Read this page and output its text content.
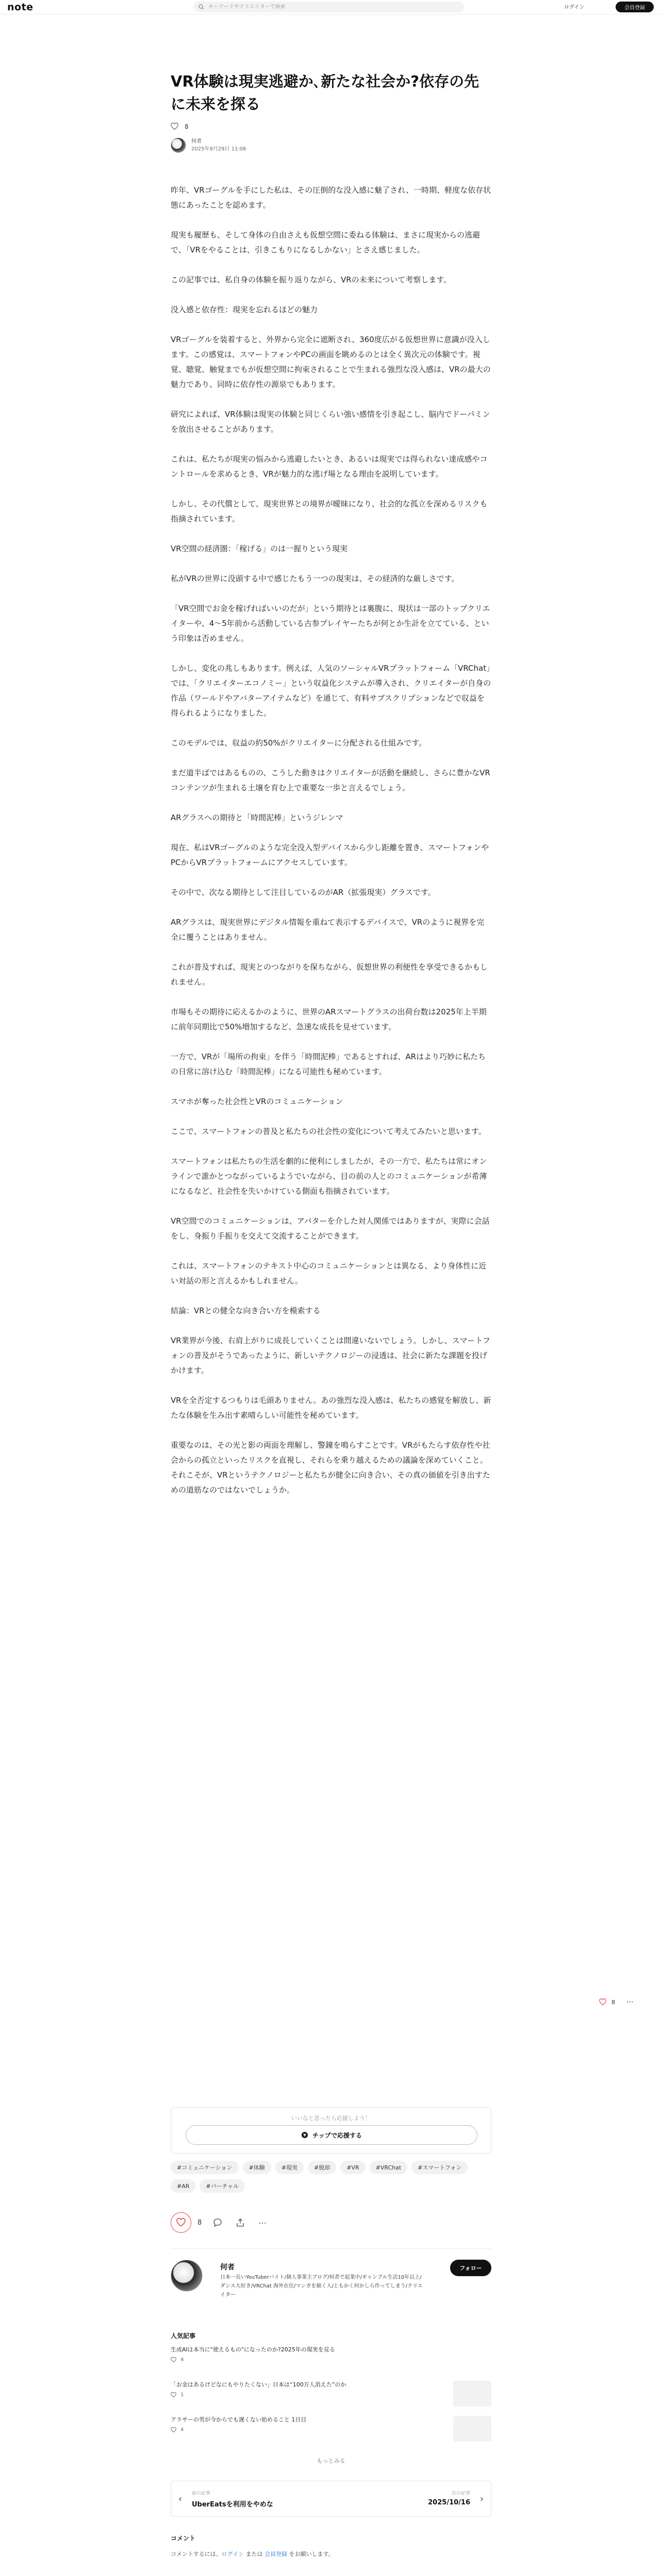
note
キーワードやクリエイターで検索	ログイン	会員登録
VR体験は現実逃避か､新たな社会か?依存の先に未来を探る
8
何者
2025年9月29日 11:06

昨年、VRゴーグルを手にした私は、その圧倒的な没入感に魅了され、一時期、軽度な依存状態にあったことを認めます。

現実も履歴も、そして身体の自由さえも仮想空間に委ねる体験は、まさに現実からの逃避で、「VRをやることは、引きこもりになるしかない」とさえ感じました。

この記事では、私自身の体験を振り返りながら、VRの未来について考察します。

没入感と依存性：現実を忘れるほどの魅力

VRゴーグルを装着すると、外界から完全に遮断され、360度広がる仮想世界に意識が没入します。この感覚は、スマートフォンやPCの画面を眺めるのとは全く異次元の体験です。視覚、聴覚、触覚までもが仮想空間に拘束されることで生まれる強烈な没入感は、VRの最大の魅力であり、同時に依存性の源泉でもあります。

研究によれば、VR体験は現実の体験と同じくらい強い感情を引き起こし、脳内でドーパミンを放出させることがあります。

これは、私たちが現実の悩みから逃避したいとき、あるいは現実では得られない達成感やコントロールを求めるとき、VRが魅力的な逃げ場となる理由を説明しています。

しかし、その代償として、現実世界との境界が曖昧になり、社会的な孤立を深めるリスクも指摘されています。

VR空間の経済圏：「稼げる」のは一握りという現実

私がVRの世界に没頭する中で感じたもう一つの現実は、その経済的な厳しさです。

「VR空間でお金を稼げればいいのだが」という期待とは裏腹に、現状は一部のトップクリエイターや、4〜5年前から活動している古参プレイヤーたちが何とか生計を立てている、という印象は否めません。

しかし、変化の兆しもあります。例えば、人気のソーシャルVRプラットフォーム「VRChat」では、「クリエイターエコノミー」という収益化システムが導入され、クリエイターが自身の作品（ワールドやアバターアイテムなど）を通じて、有料サブスクリプションなどで収益を得られるようになりました。

このモデルでは、収益の約50%がクリエイターに分配される仕組みです。

まだ道半ばではあるものの、こうした動きはクリエイターが活動を継続し、さらに豊かなVRコンテンツが生まれる土壌を育む上で重要な一歩と言えるでしょう。

ARグラスへの期待と「時間泥棒」というジレンマ

現在、私はVRゴーグルのような完全没入型デバイスから少し距離を置き、スマートフォンやPCからVRプラットフォームにアクセスしています。

その中で、次なる期待として注目しているのがAR（拡張現実）グラスです。

ARグラスは、現実世界にデジタル情報を重ねて表示するデバイスで、VRのように視界を完全に覆うことはありません。

これが普及すれば、現実とのつながりを保ちながら、仮想世界の利便性を享受できるかもしれません。

市場もその期待に応えるかのように、世界のARスマートグラスの出荷台数は2025年上半期に前年同期比で50%増加するなど、急速な成長を見せています。

一方で、VRが「場所の拘束」を伴う「時間泥棒」であるとすれば、ARはより巧妙に私たちの日常に溶け込む「時間泥棒」になる可能性も秘めています。

スマホが奪った社会性とVRのコミュニケーション

ここで、スマートフォンの普及と私たちの社会性の変化について考えてみたいと思います。

スマートフォンは私たちの生活を劇的に便利にしましたが、その一方で、私たちは常にオンラインで誰かとつながっているようでいながら、目の前の人とのコミュニケーションが希薄になるなど、社会性を失いかけている側面も指摘されています。

VR空間でのコミュニケーションは、アバターを介した対人関係ではありますが、実際に会話をし、身振り手振りを交えて交流することができます。

これは、スマートフォンのテキスト中心のコミュニケーションとは異なる、より身体性に近い対話の形と言えるかもしれません。

結論：VRとの健全な向き合い方を模索する

VR業界が今後、右肩上がりに成長していくことは間違いないでしょう。しかし、スマートフォンの普及がそうであったように、新しいテクノロジーの浸透は、社会に新たな課題を投げかけます。

VRを全否定するつもりは毛頭ありません。あの強烈な没入感は、私たちの感覚を解放し、新たな体験を生み出す素晴らしい可能性を秘めています。

重要なのは、その光と影の両面を理解し、警鐘を鳴らすことです。VRがもたらす依存性や社会からの孤立といったリスクを直視し、それらを乗り越えるための議論を深めていくこと。それこそが、VRというテクノロジーと私たちが健全に向き合い、その真の価値を引き出すための道筋なのではないでしょうか。

8 ⋯
いいなと思ったら応援しよう！
¥ チップで応援する
#コミュニケーション	#体験	#現実	#脱却	#VR	#VRChat	#スマートフォン
#AR	#バーチャル
8	⋯
何者
日本一長いYouTuberバイト/個人事業主ブログ/何者で起業中/ギャンブル生活10年以上/ダンス大好き/VRChat 海外在住/マンガを描く人/ともかく何かしら作ってしまう/クリエイター
フォロー
人気記事
生成AIは本当に"使えるもの"になったのか?2025年の現実を見る
4
「お金はあるけどなにもやりたくない」日本は“100万人消えた”のか
1
アラサーの男が今からでも遅くない始めること 1日目
4
もっとみる
‹ 前の記事
UberEatsを利用をやめな
次の記事
2025/10/16 ›
コメント

コメントするには、ログイン または 会員登録 をお願いします。
